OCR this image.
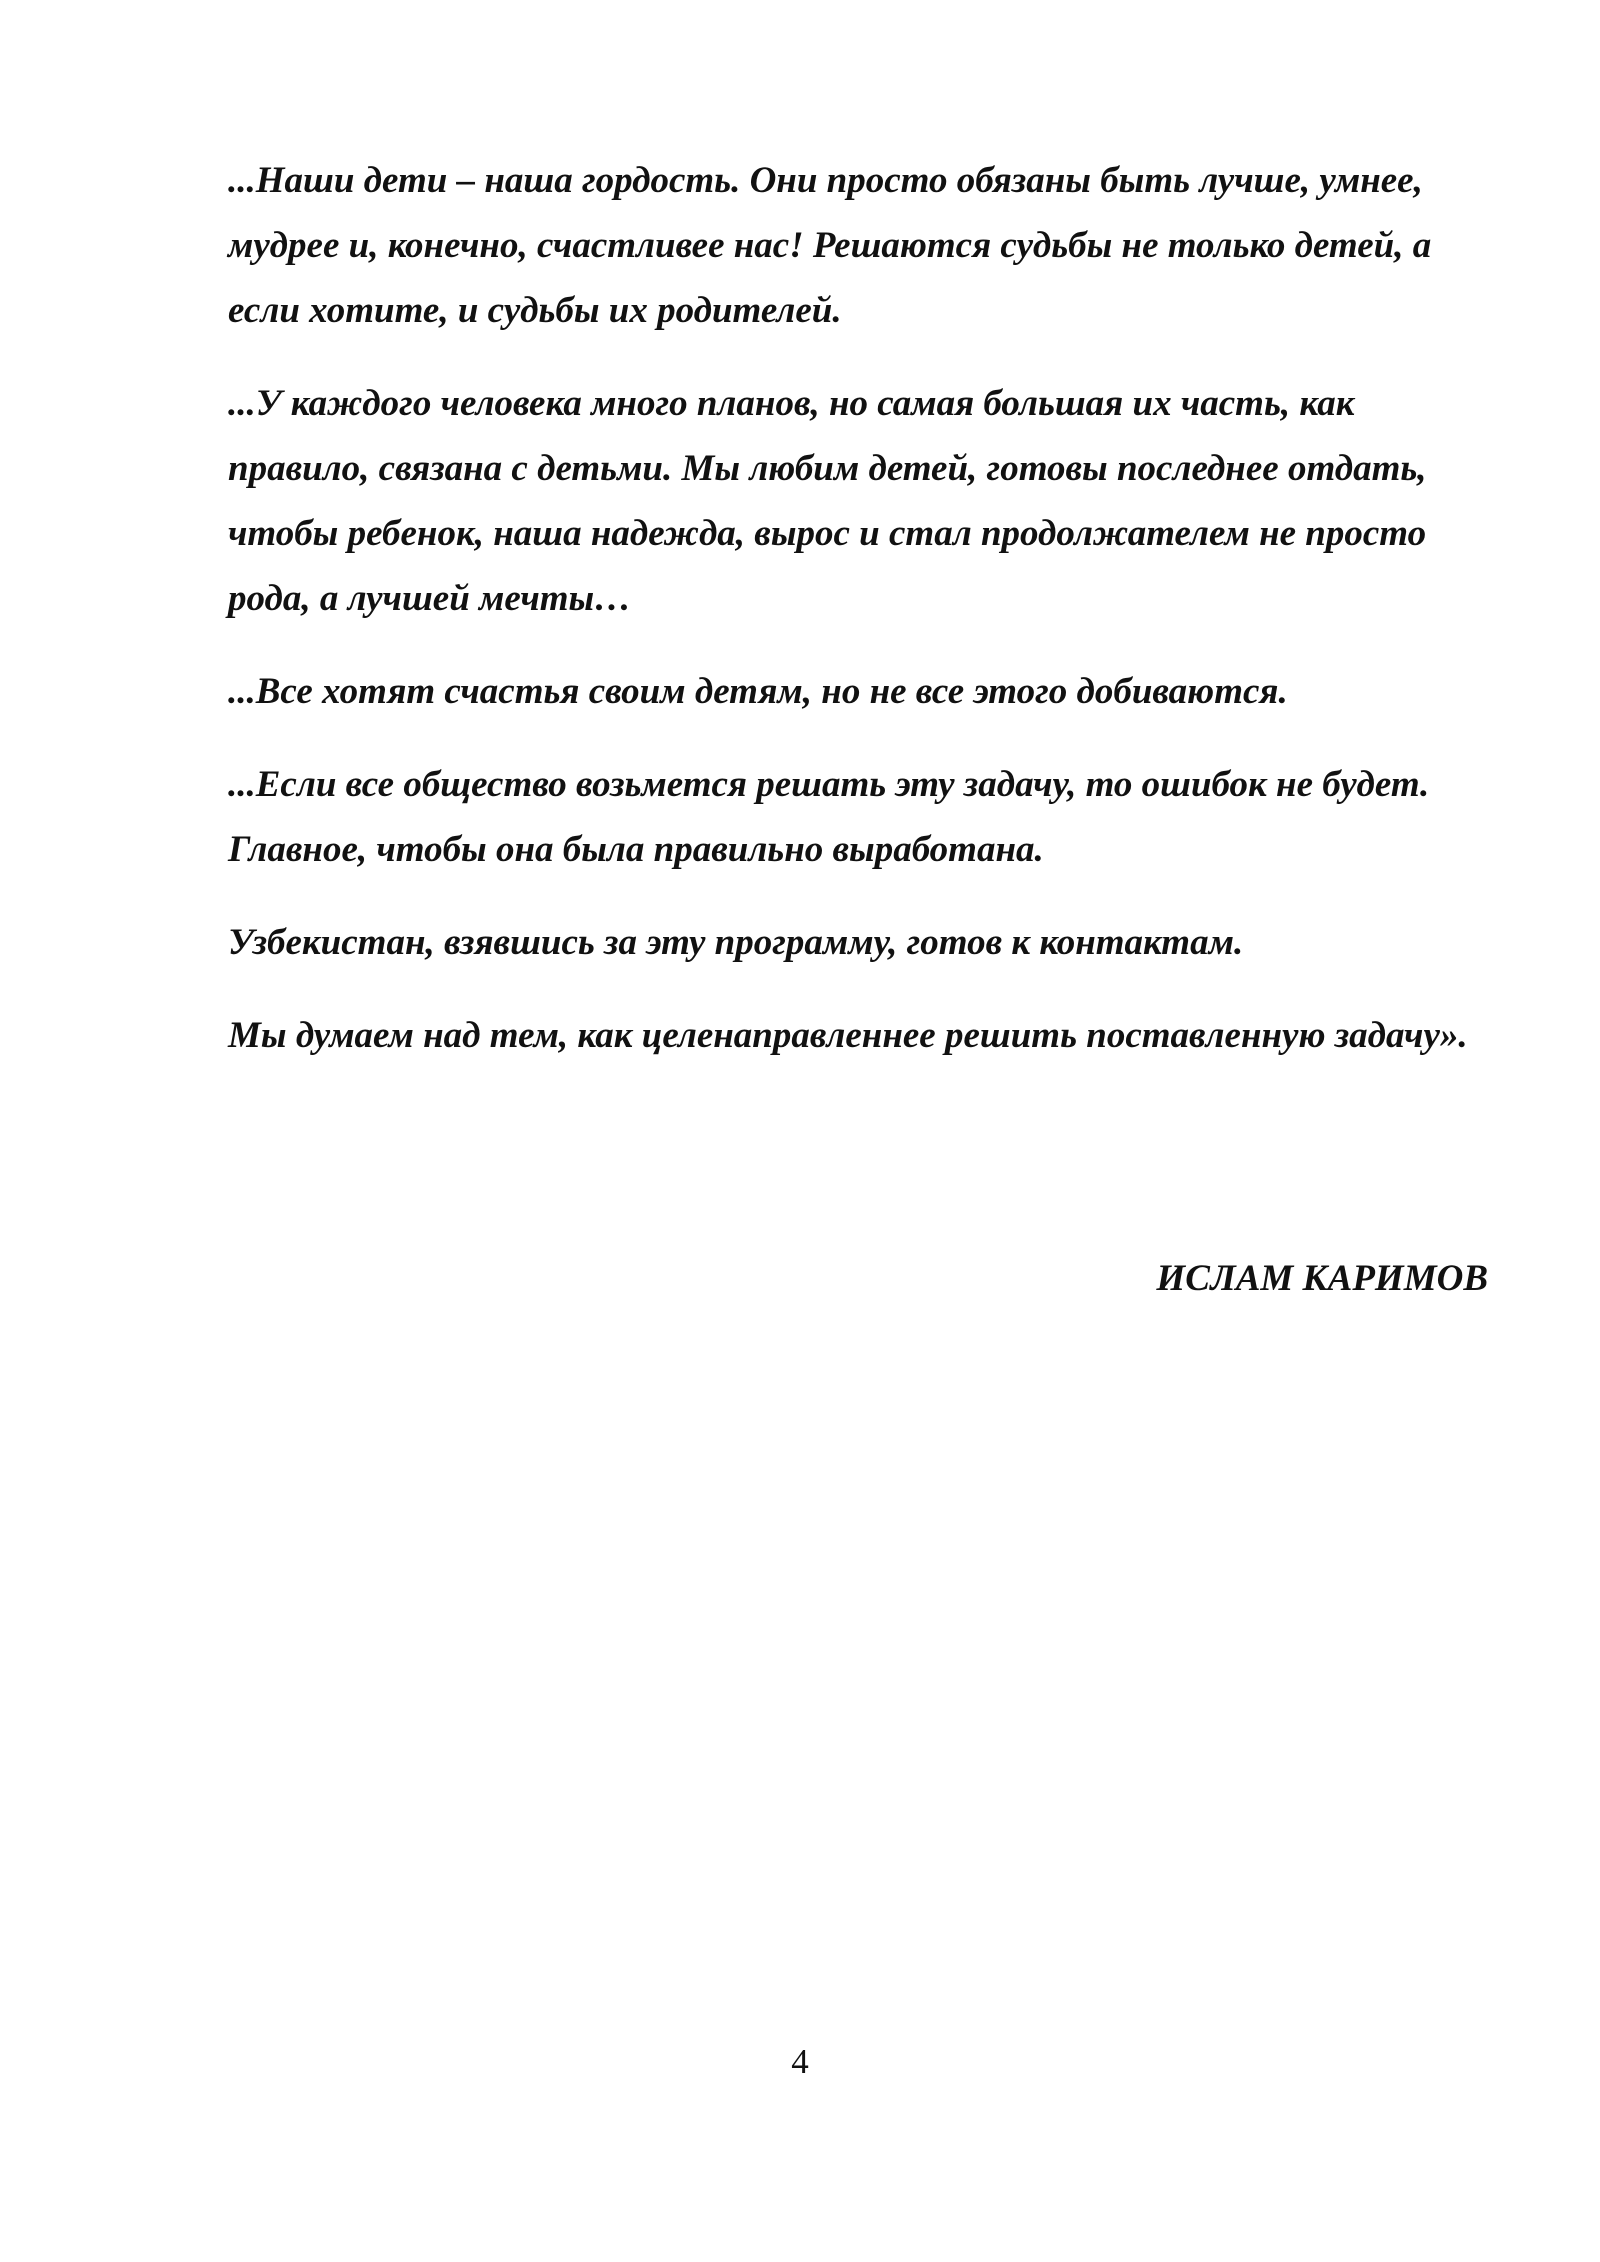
...Наши дети – наша гордость. Они просто обязаны быть лучше, умнее, мудрее и, конечно, счастливее нас! Решаются судьбы не только детей, а если хотите, и судьбы их родителей.

...У каждого человека много планов, но самая большая их часть, как правило, связана с детьми. Мы любим детей, готовы последнее отдать, чтобы ребенок, наша надежда, вырос и стал продолжателем не просто рода, а лучшей мечты…

...Все хотят счастья своим детям, но не все этого добиваются.

...Если все общество возьмется решать эту задачу, то ошибок не будет. Главное, чтобы она была правильно выработана.

Узбекистан, взявшись за эту программу, готов к контактам.

Мы думаем над тем, как целенаправленнее решить поставленную задачу».

ИСЛАМ КАРИМОВ
4
